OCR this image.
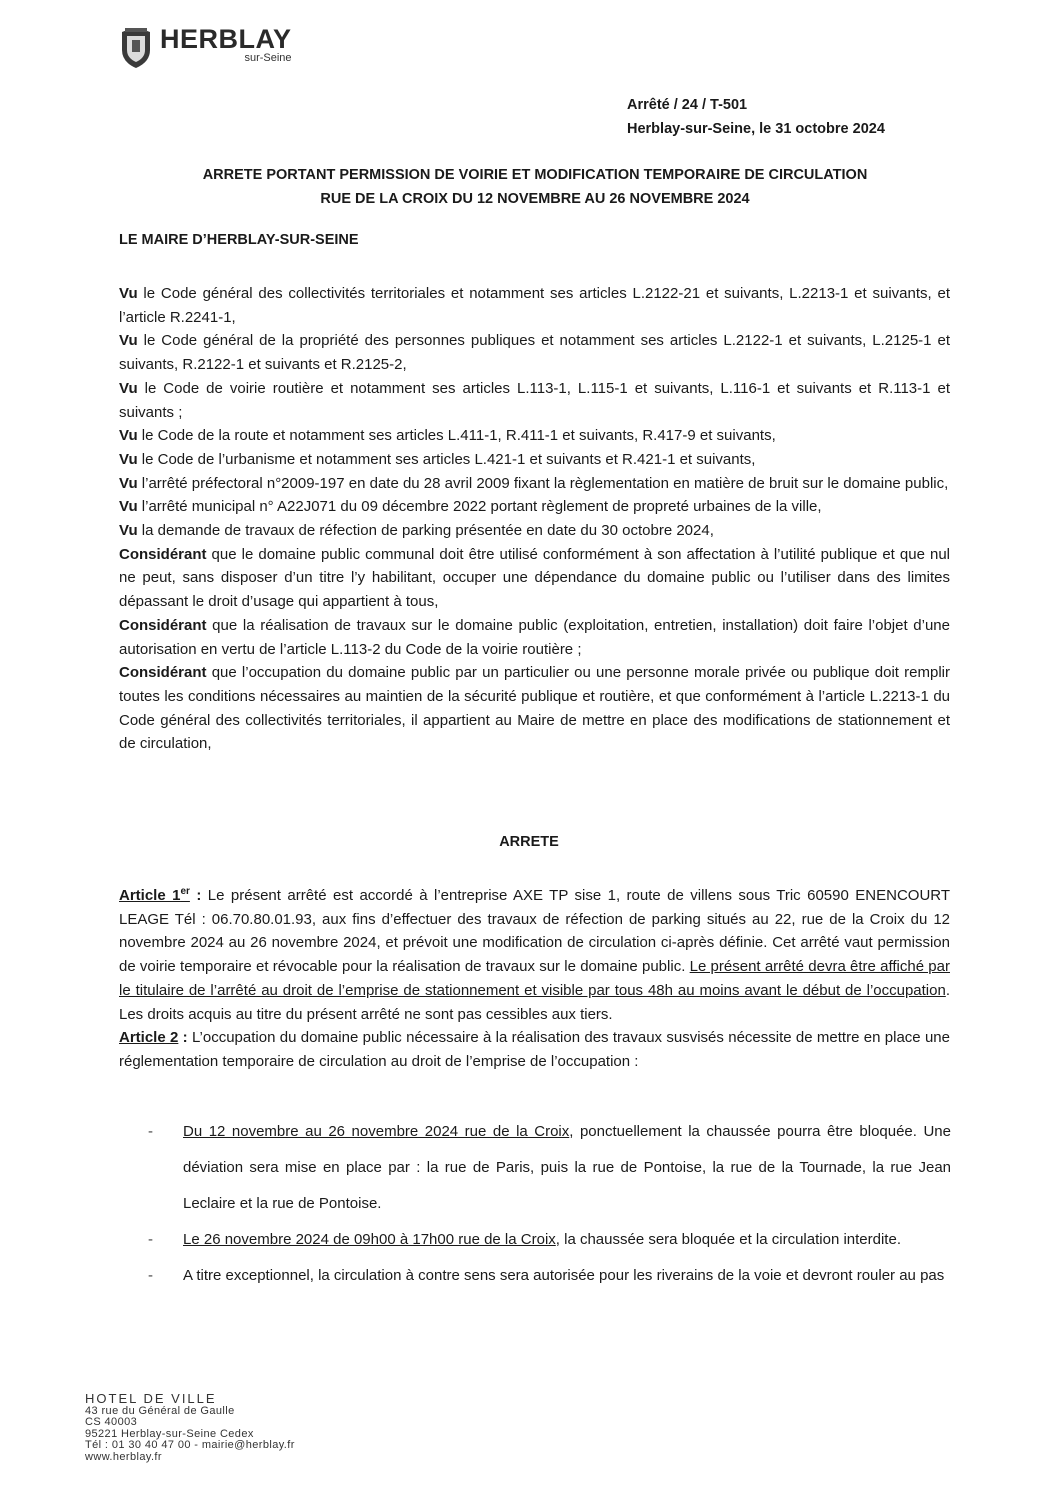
HERBLAY
sur-Seine
Arrêté / 24 / T-501
Herblay-sur-Seine, le 31 octobre 2024
ARRETE PORTANT PERMISSION DE VOIRIE ET MODIFICATION TEMPORAIRE DE CIRCULATION
RUE DE LA CROIX DU 12 NOVEMBRE AU 26 NOVEMBRE 2024
LE MAIRE D’HERBLAY-SUR-SEINE

Vu le Code général des collectivités territoriales et notamment ses articles L.2122-21 et suivants, L.2213-1 et suivants, et l’article R.2241-1,

Vu le Code général de la propriété des personnes publiques et notamment ses articles L.2122-1 et suivants, L.2125-1 et suivants, R.2122-1 et suivants et R.2125-2,

Vu le Code de voirie routière et notamment ses articles L.113-1, L.115-1 et suivants, L.116-1 et suivants et R.113-1 et suivants ;

Vu le Code de la route et notamment ses articles L.411-1, R.411-1 et suivants, R.417-9 et suivants,

Vu le Code de l’urbanisme et notamment ses articles L.421-1 et suivants et R.421-1 et suivants,

Vu l’arrêté préfectoral n°2009-197 en date du 28 avril 2009 fixant la règlementation en matière de bruit sur le domaine public,

Vu l’arrêté municipal n° A22J071 du 09 décembre 2022 portant règlement de propreté urbaines de la ville,

Vu la demande de travaux de réfection de parking présentée en date du 30 octobre 2024,

Considérant que le domaine public communal doit être utilisé conformément à son affectation à l’utilité publique et que nul ne peut, sans disposer d’un titre l’y habilitant, occuper une dépendance du domaine public ou l’utiliser dans des limites dépassant le droit d’usage qui appartient à tous,

Considérant que la réalisation de travaux sur le domaine public (exploitation, entretien, installation) doit faire l’objet d’une autorisation en vertu de l’article L.113-2 du Code de la voirie routière ;

Considérant que l’occupation du domaine public par un particulier ou une personne morale privée ou publique doit remplir toutes les conditions nécessaires au maintien de la sécurité publique et routière, et que conformément à l’article L.2213-1 du Code général des collectivités territoriales, il appartient au Maire de mettre en place des modifications de stationnement et de circulation,

ARRETE

Article 1er : Le présent arrêté est accordé à l’entreprise AXE TP sise 1, route de villens sous Tric 60590 ENENCOURT LEAGE Tél : 06.70.80.01.93, aux fins d’effectuer des travaux de réfection de parking situés au 22, rue de la Croix du 12 novembre 2024 au 26 novembre 2024, et prévoit une modification de circulation ci-après définie. Cet arrêté vaut permission de voirie temporaire et révocable pour la réalisation de travaux sur le domaine public. Le présent arrêté devra être affiché par le titulaire de l’arrêté au droit de l’emprise de stationnement et visible par tous 48h au moins avant le début de l’occupation. Les droits acquis au titre du présent arrêté ne sont pas cessibles aux tiers.

Article 2 : L’occupation du domaine public nécessaire à la réalisation des travaux susvisés nécessite de mettre en place une réglementation temporaire de circulation au droit de l’emprise de l’occupation :

- Du 12 novembre au 26 novembre 2024 rue de la Croix, ponctuellement la chaussée pourra être bloquée. Une déviation sera mise en place par : la rue de Paris, puis la rue de Pontoise, la rue de la Tournade, la rue Jean Leclaire et la rue de Pontoise.
- Le 26 novembre 2024 de 09h00 à 17h00 rue de la Croix, la chaussée sera bloquée et la circulation interdite.
- A titre exceptionnel, la circulation à contre sens sera autorisée pour les riverains de la voie et devront rouler au pas
HOTEL DE VILLE
43 rue du Général de Gaulle
CS 40003
95221 Herblay-sur-Seine Cedex
Tél : 01 30 40 47 00 - mairie@herblay.fr
www.herblay.fr
